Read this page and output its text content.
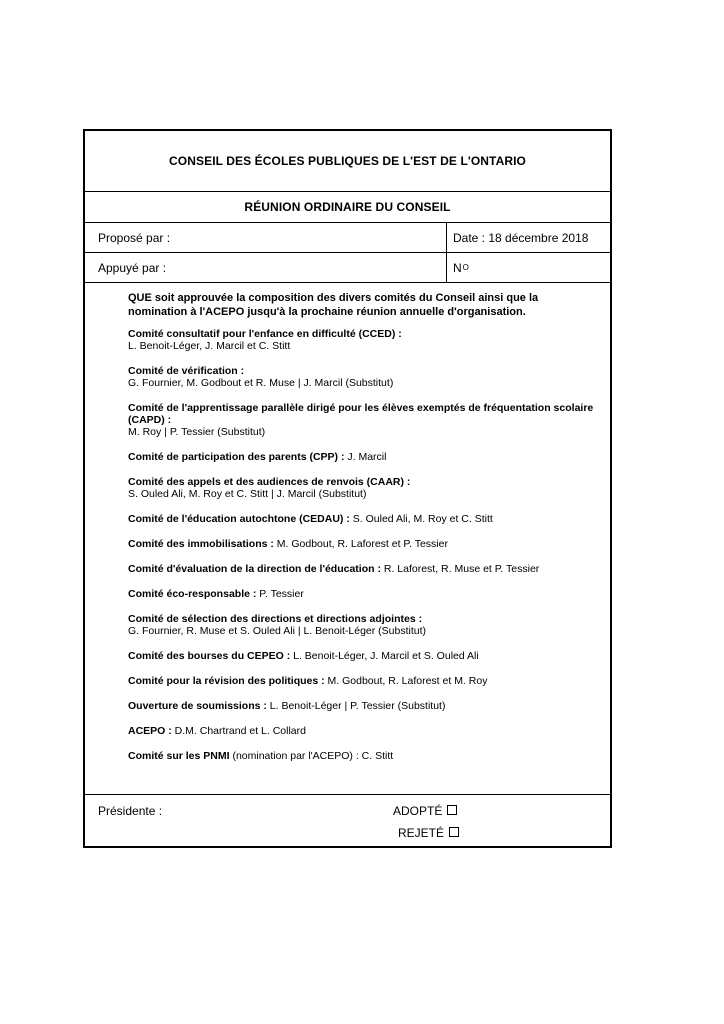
CONSEIL DES ÉCOLES PUBLIQUES DE L'EST DE L'ONTARIO
RÉUNION ORDINAIRE DU CONSEIL
Proposé par :	Date : 18 décembre 2018
Appuyé par :	N O
QUE soit approuvée la composition des divers comités du Conseil ainsi que la nomination à l'ACEPO jusqu'à la prochaine réunion annuelle d'organisation.
Comité consultatif pour l'enfance en difficulté (CCED) :
L. Benoit-Léger, J. Marcil et C. Stitt
Comité de vérification :
G. Fournier, M. Godbout et R. Muse | J. Marcil (Substitut)
Comité de l'apprentissage parallèle dirigé pour les élèves exemptés de fréquentation scolaire (CAPD) :
M. Roy | P. Tessier (Substitut)
Comité de participation des parents (CPP) : J. Marcil
Comité des appels et des audiences de renvois (CAAR) :
S. Ouled Ali, M. Roy et C. Stitt | J. Marcil (Substitut)
Comité de l'éducation autochtone (CEDAU) : S. Ouled Ali, M. Roy et C. Stitt
Comité des immobilisations : M. Godbout, R. Laforest et P. Tessier
Comité d'évaluation de la direction de l'éducation : R. Laforest, R. Muse et P. Tessier
Comité éco-responsable : P. Tessier
Comité de sélection des directions et directions adjointes :
G. Fournier, R. Muse et S. Ouled Ali | L. Benoit-Léger (Substitut)
Comité des bourses du CEPEO : L. Benoit-Léger, J. Marcil et S. Ouled Ali
Comité pour la révision des politiques : M. Godbout, R. Laforest et M. Roy
Ouverture de soumissions : L. Benoit-Léger | P. Tessier (Substitut)
ACEPO : D.M. Chartrand et L. Collard
Comité sur les PNMI (nomination par l'ACEPO) : C. Stitt
Présidente :	ADOPTÉ
REJETÉ
